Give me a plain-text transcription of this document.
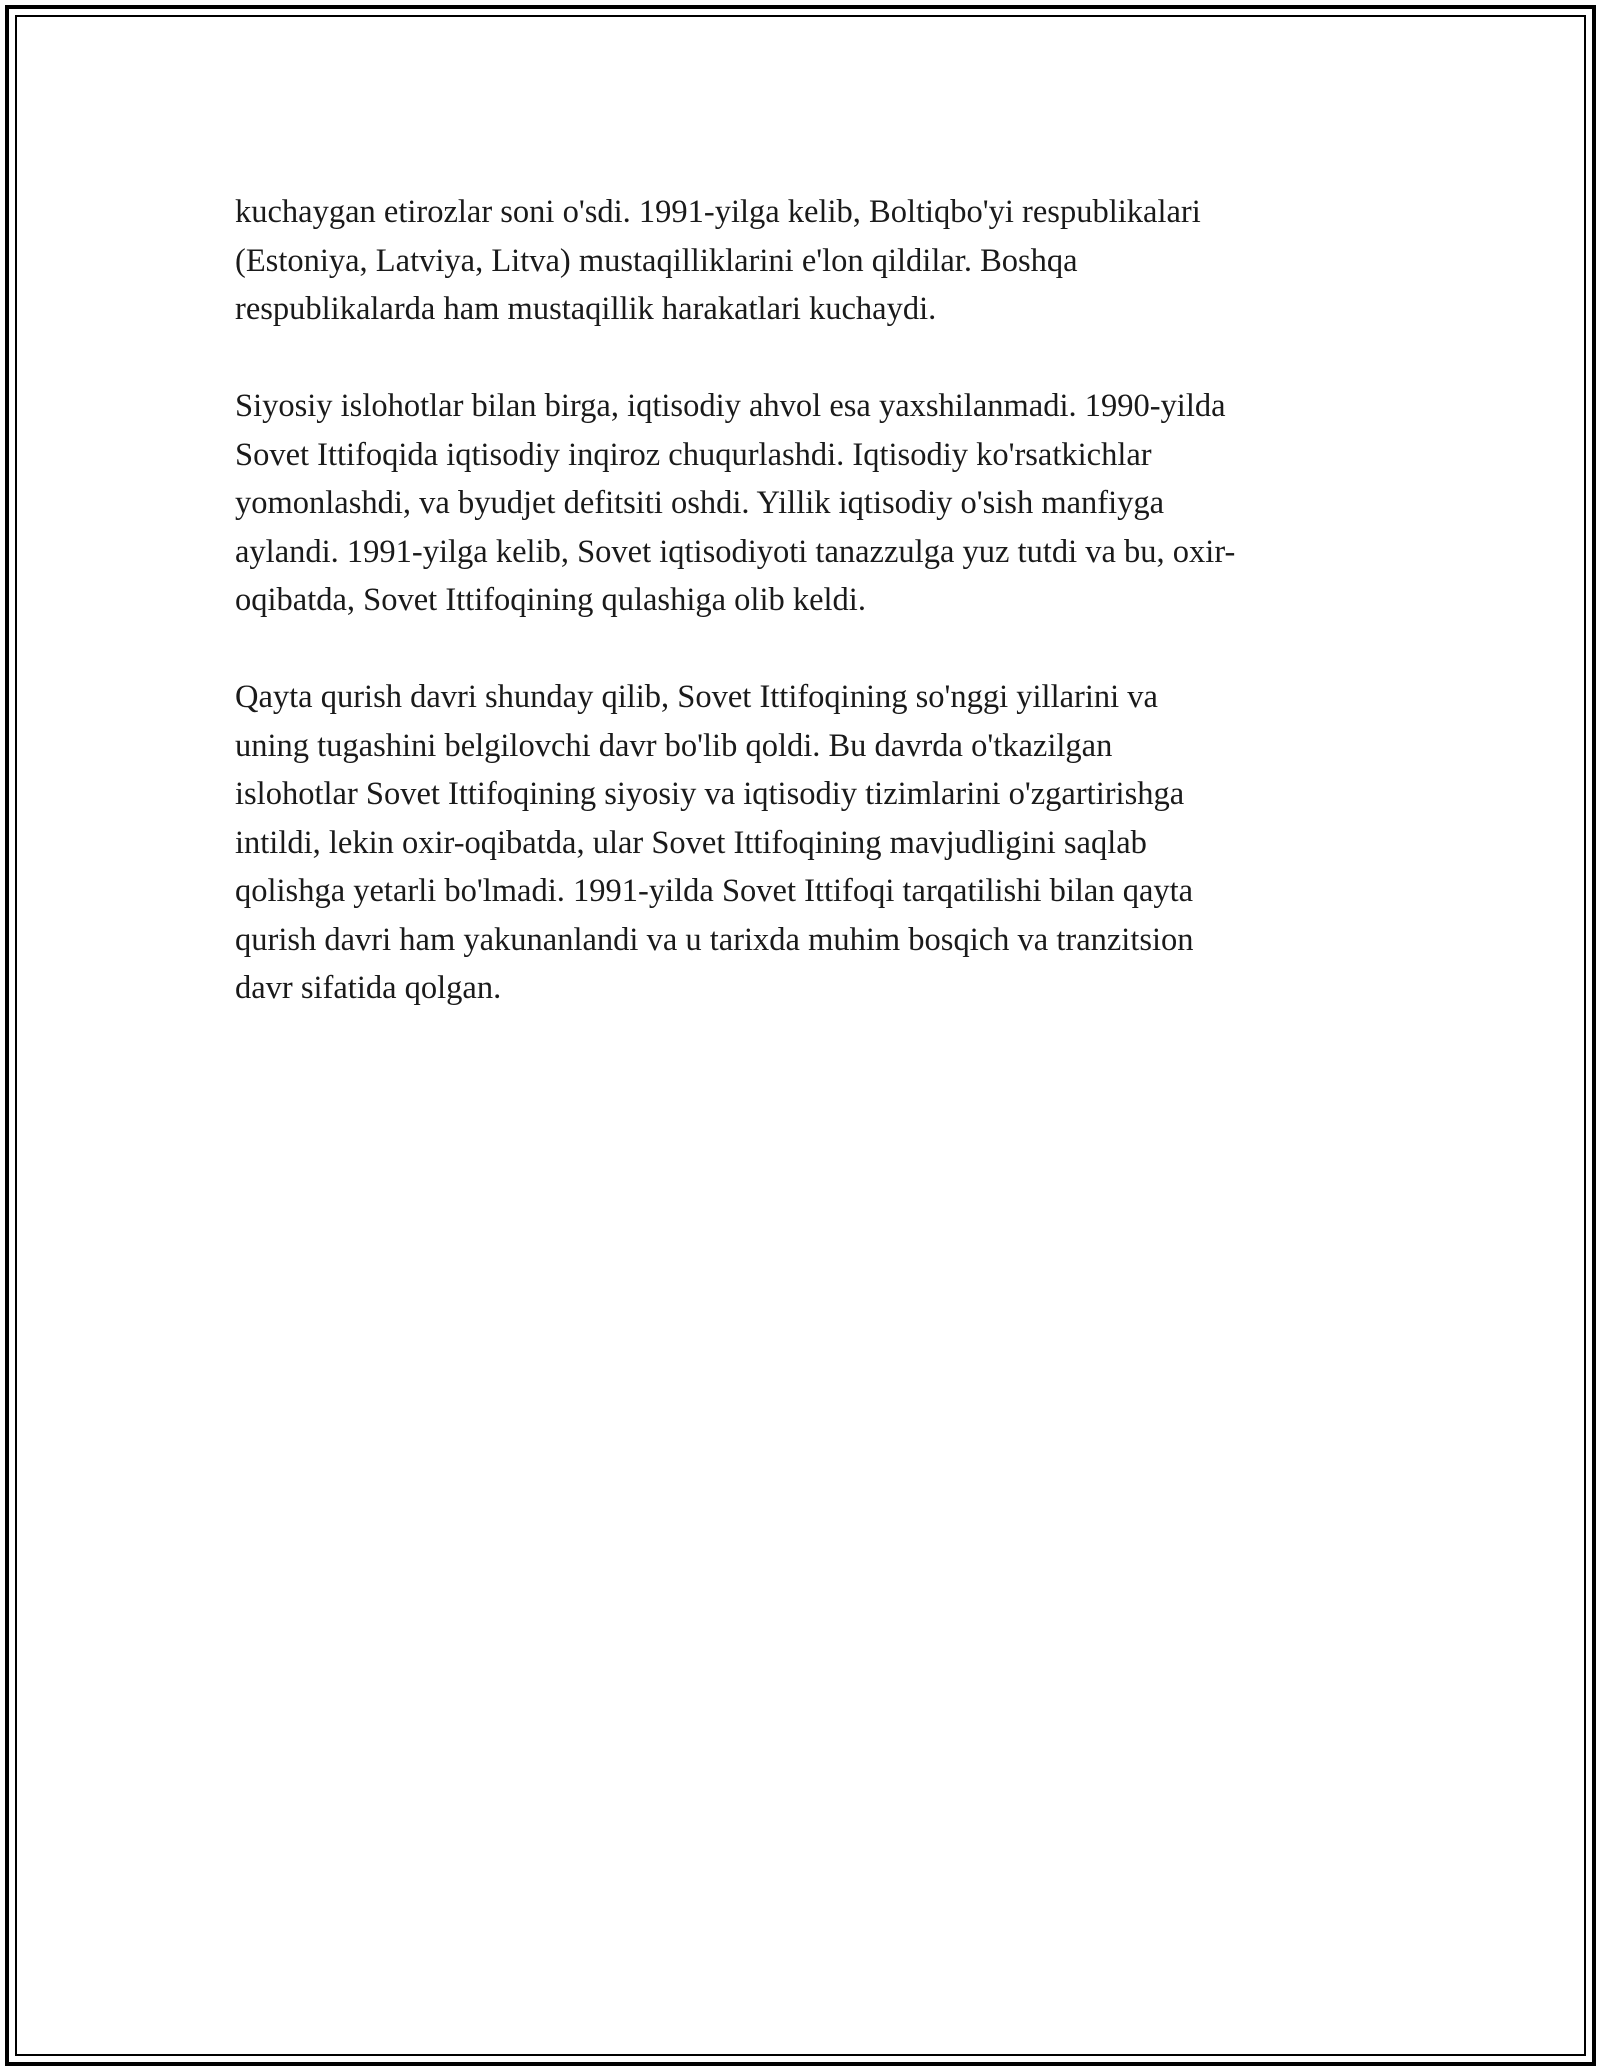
kuchaygan etirozlar soni o'sdi. 1991-yilga kelib, Boltiqbo'yi respublikalari
(Estoniya, Latviya, Litva) mustaqilliklarini e'lon qildilar. Boshqa
respublikalarda ham mustaqillik harakatlari kuchaydi.

Siyosiy islohotlar bilan birga, iqtisodiy ahvol esa yaxshilanmadi. 1990-yilda
Sovet Ittifoqida iqtisodiy inqiroz chuqurlashdi. Iqtisodiy ko'rsatkichlar
yomonlashdi, va byudjet defitsiti oshdi. Yillik iqtisodiy o'sish manfiyga
aylandi. 1991-yilga kelib, Sovet iqtisodiyoti tanazzulga yuz tutdi va bu, oxir-
oqibatda, Sovet Ittifoqining qulashiga olib keldi.

Qayta qurish davri shunday qilib, Sovet Ittifoqining so'nggi yillarini va
uning tugashini belgilovchi davr bo'lib qoldi. Bu davrda o'tkazilgan
islohotlar Sovet Ittifoqining siyosiy va iqtisodiy tizimlarini o'zgartirishga
intildi, lekin oxir-oqibatda, ular Sovet Ittifoqining mavjudligini saqlab
qolishga yetarli bo'lmadi. 1991-yilda Sovet Ittifoqi tarqatilishi bilan qayta
qurish davri ham yakunanlandi va u tarixda muhim bosqich va tranzitsion
davr sifatida qolgan.
